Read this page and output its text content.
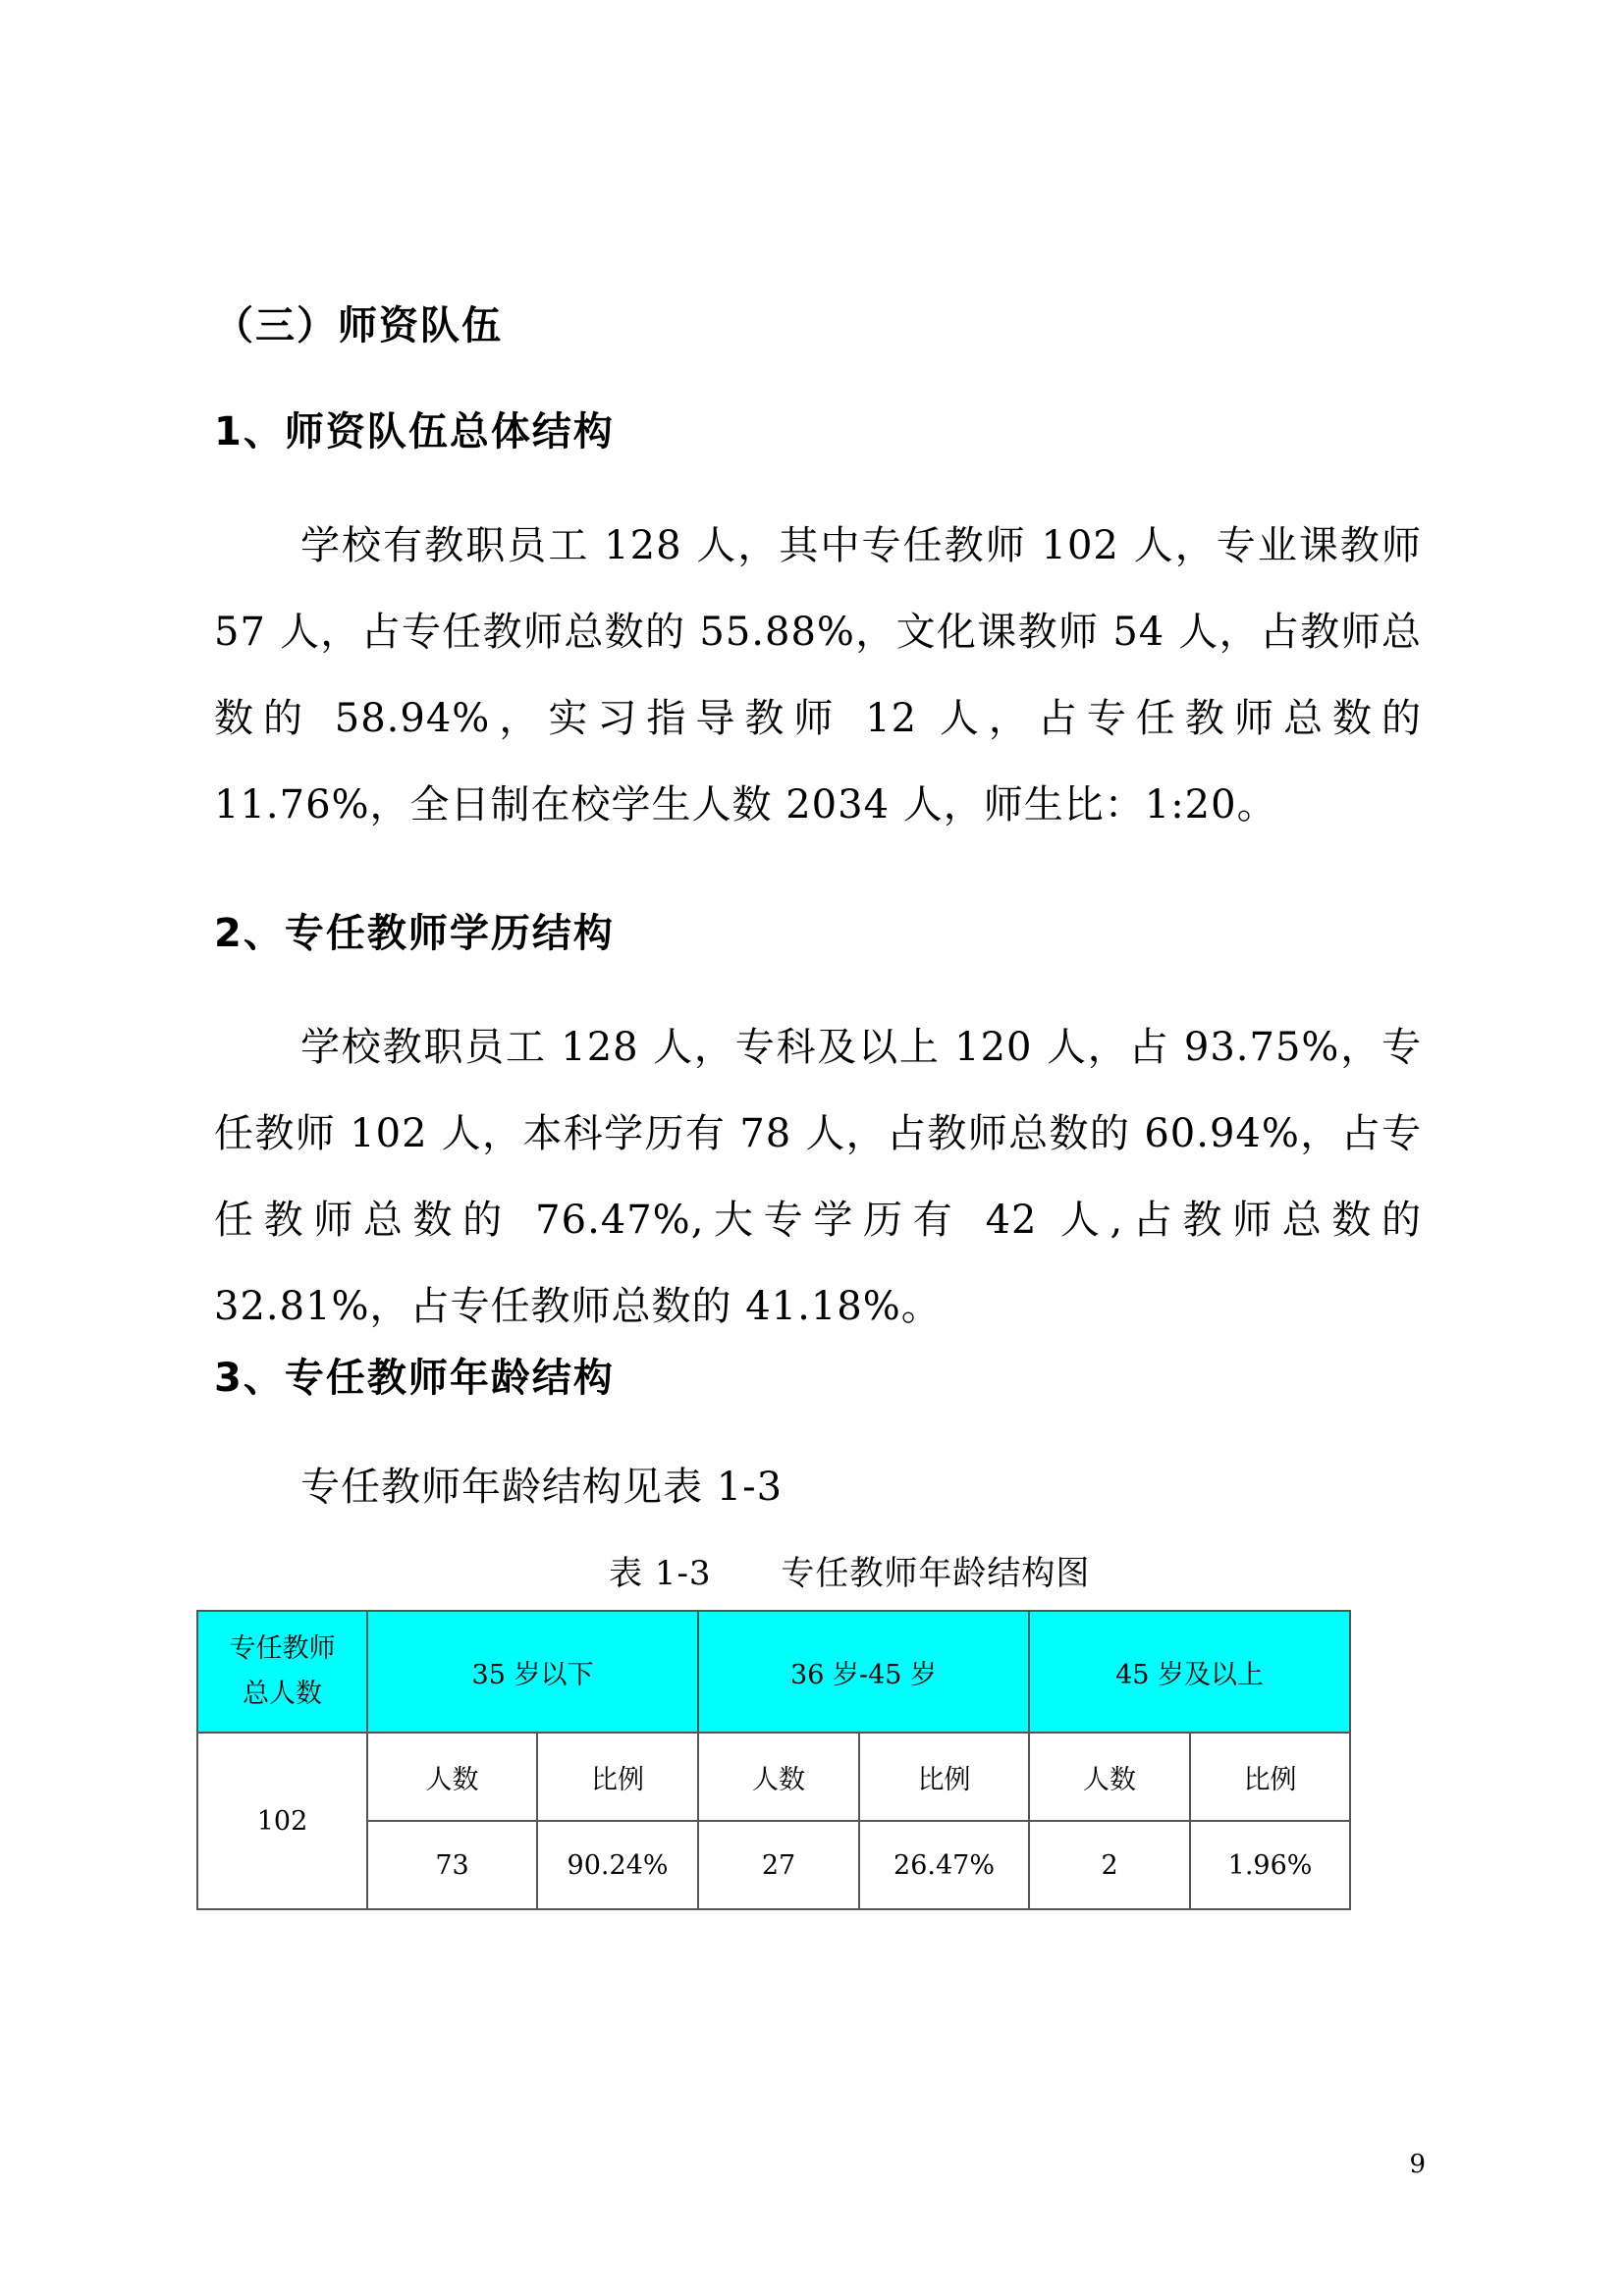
（三）师资队伍
1、师资队伍总体结构

学校有教职员工 128 人，其中专任教师 102 人，专业课教师 57 人，占专任教师总数的 55.88%，文化课教师 54 人，占教师总数的 58.94%，实习指导教师 12 人，占专任教师总数的 11.76%，全日制在校学生人数 2034 人，师生比：1:20。

2、专任教师学历结构

学校教职员工 128 人，专科及以上 120 人，占 93.75%，专任教师 102 人，本科学历有 78 人，占教师总数的 60.94%，占专任教师总数的 76.47%,大专学历有 42 人,占教师总数的 32.81%，占专任教师总数的 41.18%。

3、专任教师年龄结构
专任教师年龄结构见表 1-3
表 1-3      专任教师年龄结构图
专任教师
总人数	35 岁以下		36 岁-45 岁		45 岁及以上	
102	人数	比例	人数	比例	人数	比例
	73	90.24%	27	26.47%	2	1.96%
9
